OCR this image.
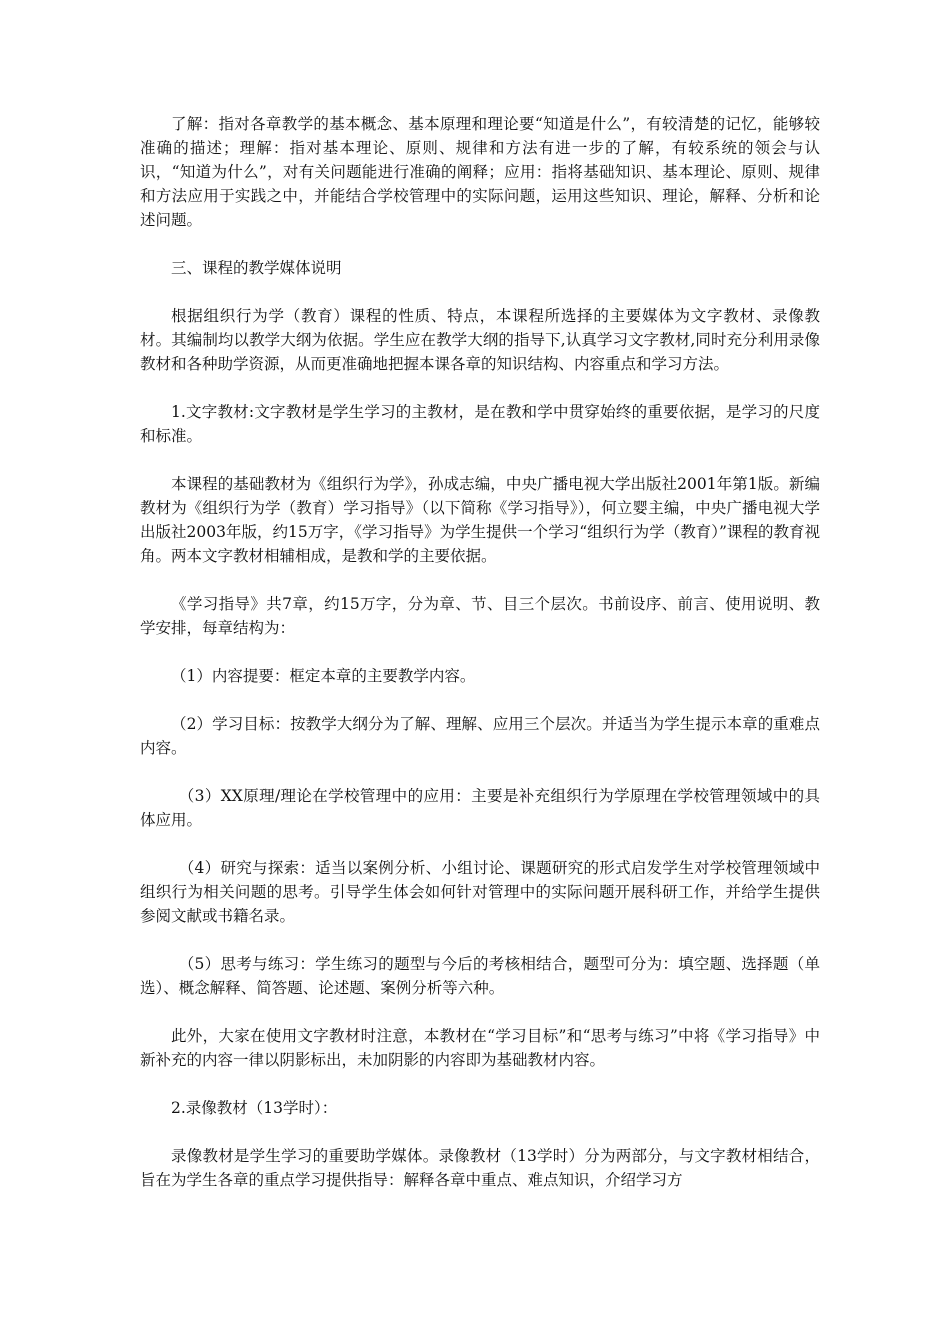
了解：指对各章教学的基本概念、基本原理和理论要“知道是什么”，有较清楚的记忆，能够较准确的描述；理解：指对基本理论、原则、规律和方法有进一步的了解，有较系统的领会与认识，“知道为什么”，对有关问题能进行准确的阐释；应用：指将基础知识、基本理论、原则、规律和方法应用于实践之中，并能结合学校管理中的实际问题，运用这些知识、理论，解释、分析和论述问题。

三、课程的教学媒体说明

根据组织行为学（教育）课程的性质、特点，本课程所选择的主要媒体为文字教材、录像教材。其编制均以教学大纲为依据。学生应在教学大纲的指导下,认真学习文字教材,同时充分利用录像教材和各种助学资源，从而更准确地把握本课各章的知识结构、内容重点和学习方法。

1.文字教材:文字教材是学生学习的主教材，是在教和学中贯穿始终的重要依据，是学习的尺度和标准。

本课程的基础教材为《组织行为学》，孙成志编，中央广播电视大学出版社2001年第1版。新编教材为《组织行为学（教育）学习指导》（以下简称《学习指导》），何立婴主编，中央广播电视大学出版社2003年版，约15万字，《学习指导》为学生提供一个学习“组织行为学（教育）”课程的教育视角。两本文字教材相辅相成，是教和学的主要依据。

《学习指导》共7章，约15万字，分为章、节、目三个层次。书前设序、前言、使用说明、教学安排，每章结构为：

（1）内容提要：框定本章的主要教学内容。

（2）学习目标：按教学大纲分为了解、理解、应用三个层次。并适当为学生提示本章的重难点内容。

（3）XX原理/理论在学校管理中的应用：主要是补充组织行为学原理在学校管理领域中的具体应用。

（4）研究与探索：适当以案例分析、小组讨论、课题研究的形式启发学生对学校管理领域中组织行为相关问题的思考。引导学生体会如何针对管理中的实际问题开展科研工作，并给学生提供参阅文献或书籍名录。

（5）思考与练习：学生练习的题型与今后的考核相结合，题型可分为：填空题、选择题（单选）、概念解释、简答题、论述题、案例分析等六种。

此外，大家在使用文字教材时注意，本教材在“学习目标”和“思考与练习”中将《学习指导》中新补充的内容一律以阴影标出，未加阴影的内容即为基础教材内容。

2.录像教材（13学时）：

录像教材是学生学习的重要助学媒体。录像教材（13学时）分为两部分，与文字教材相结合，旨在为学生各章的重点学习提供指导：解释各章中重点、难点知识，介绍学习方
